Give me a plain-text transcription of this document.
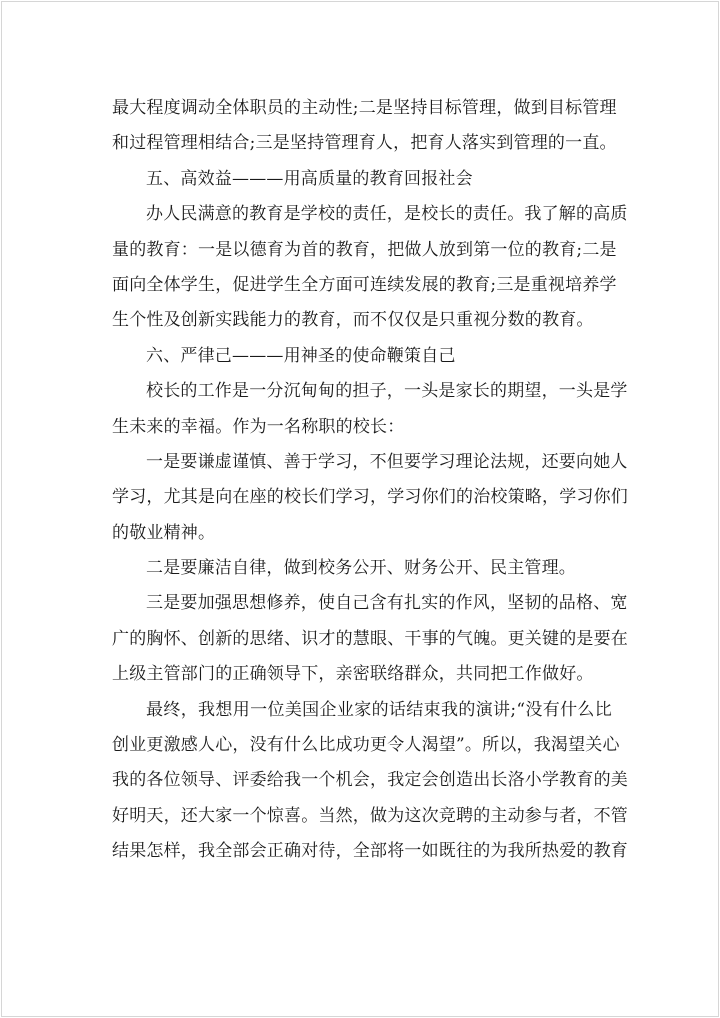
最大程度调动全体职员的主动性;二是坚持目标管理，做到目标管理
和过程管理相结合;三是坚持管理育人，把育人落实到管理的一直。
五、高效益———用高质量的教育回报社会
办人民满意的教育是学校的责任，是校长的责任。我了解的高质
量的教育：一是以德育为首的教育，把做人放到第一位的教育;二是
面向全体学生，促进学生全方面可连续发展的教育;三是重视培养学
生个性及创新实践能力的教育，而不仅仅是只重视分数的教育。
六、严律己———用神圣的使命鞭策自己
校长的工作是一分沉甸甸的担子，一头是家长的期望，一头是学
生未来的幸福。作为一名称职的校长：
一是要谦虚谨慎、善于学习，不但要学习理论法规，还要向她人
学习，尤其是向在座的校长们学习，学习你们的治校策略，学习你们
的敬业精神。
二是要廉洁自律，做到校务公开、财务公开、民主管理。
三是要加强思想修养，使自己含有扎实的作风，坚韧的品格、宽
广的胸怀、创新的思绪、识才的慧眼、干事的气魄。更关键的是要在
上级主管部门的正确领导下，亲密联络群众，共同把工作做好。
最终，我想用一位美国企业家的话结束我的演讲;“没有什么比
创业更激感人心，没有什么比成功更令人渴望”。所以，我渴望关心
我的各位领导、评委给我一个机会，我定会创造出长洛小学教育的美
好明天，还大家一个惊喜。当然，做为这次竞聘的主动参与者，不管
结果怎样，我全部会正确对待，全部将一如既往的为我所热爱的教育
